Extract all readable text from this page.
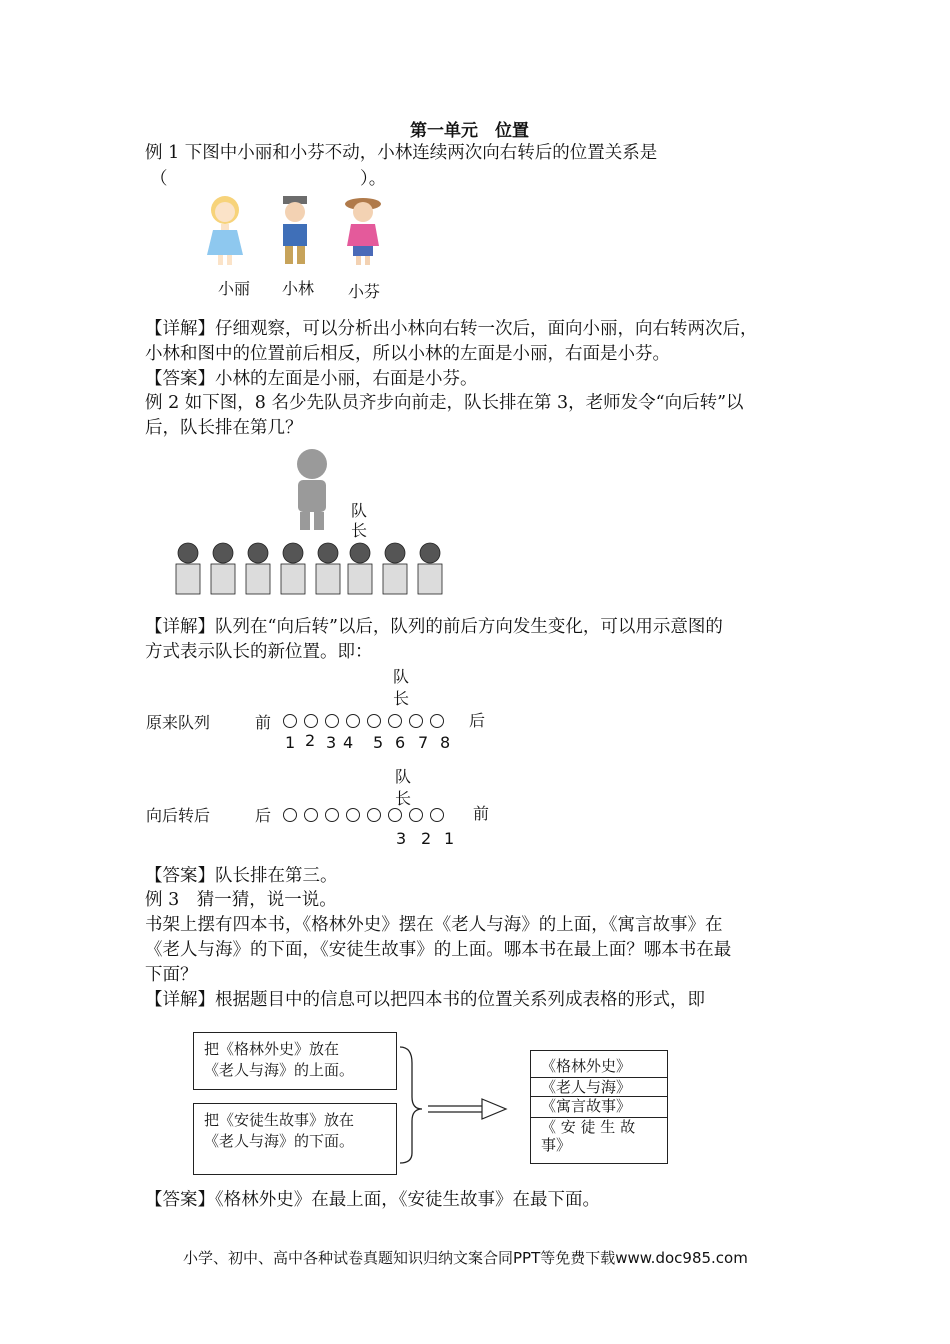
第一单元　位置
例 1 下图中小丽和小芬不动，小林连续两次向右转后的位置关系是
（　　　　　　　　　　　）。
小丽 小林 小芬
【详解】仔细观察，可以分析出小林向右转一次后，面向小丽，向右转两次后，
小林和图中的位置前后相反，所以小林的左面是小丽，右面是小芬。
【答案】小林的左面是小丽，右面是小芬。
例 2 如下图，8 名少先队员齐步向前走，队长排在第 3，老师发令“向后转”以
后，队长排在第几？
队
长
【详解】队列在“向后转”以后，队列的前后方向发生变化，可以用示意图的
方式表示队长的新位置。即：
队
长
原来队列	前	后
1 2 3 4 5 6 7 8
队
长
向后转后	后	前
3 2 1
【答案】队长排在第三。
例 3　猜一猜，说一说。
书架上摆有四本书，《格林外史》摆在《老人与海》的上面，《寓言故事》在
《老人与海》的下面，《安徒生故事》的上面。哪本书在最上面？哪本书在最
下面？
【详解】根据题目中的信息可以把四本书的位置关系列成表格的形式，即
把《格林外史》放在
《老人与海》的上面。
把《安徒生故事》放在
《老人与海》的下面。
《格林外史》
《老人与海》
《寓言故事》
《 安 徒 生 故
事》
【答案】《格林外史》在最上面，《安徒生故事》在最下面。
小学、初中、高中各种试卷真题知识归纳文案合同PPT等免费下载www.doc985.com
